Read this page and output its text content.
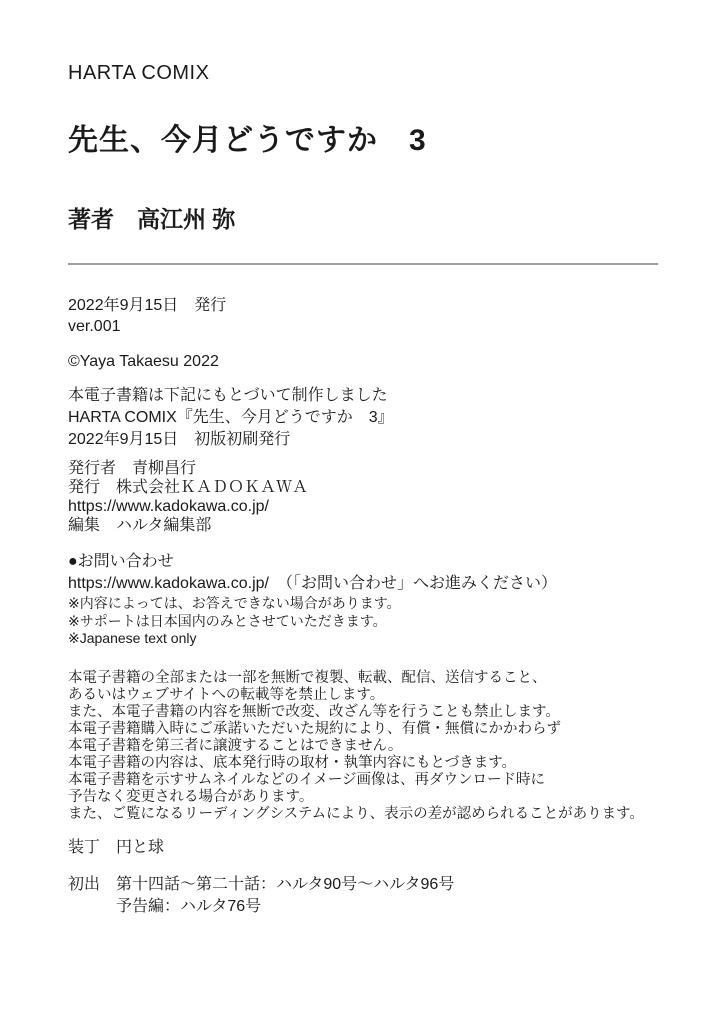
HARTA COMIX

先生、今月どうですか　3

著者　高江州 弥

2022年9月15日　発行

ver.001

©Yaya Takaesu 2022

本電子書籍は下記にもとづいて制作しました

HARTA COMIX『先生、今月どうですか　3』

2022年9月15日　初版初刷発行

発行者　青柳昌行

発行　株式会社ＫＡＤＯＫＡＷＡ

https://www.kadokawa.co.jp/

編集　ハルタ編集部

●お問い合わせ

https://www.kadokawa.co.jp/　（「お問い合わせ」へお進みください）

※内容によっては、お答えできない場合があります。

※サポートは日本国内のみとさせていただきます。

※Japanese text only

本電子書籍の全部または一部を無断で複製、転載、配信、送信すること、

あるいはウェブサイトへの転載等を禁止します。

また、本電子書籍の内容を無断で改変、改ざん等を行うことも禁止します。

本電子書籍購入時にご承諾いただいた規約により、有償・無償にかかわらず

本電子書籍を第三者に譲渡することはできません。

本電子書籍の内容は、底本発行時の取材・執筆内容にもとづきます。

本電子書籍を示すサムネイルなどのイメージ画像は、再ダウンロード時に

予告なく変更される場合があります。

また、ご覧になるリーディングシステムにより、表示の差が認められることがあります。

装丁　円と球

初出　第十四話〜第二十話：ハルタ90号〜ハルタ96号

　　　予告編：ハルタ76号
